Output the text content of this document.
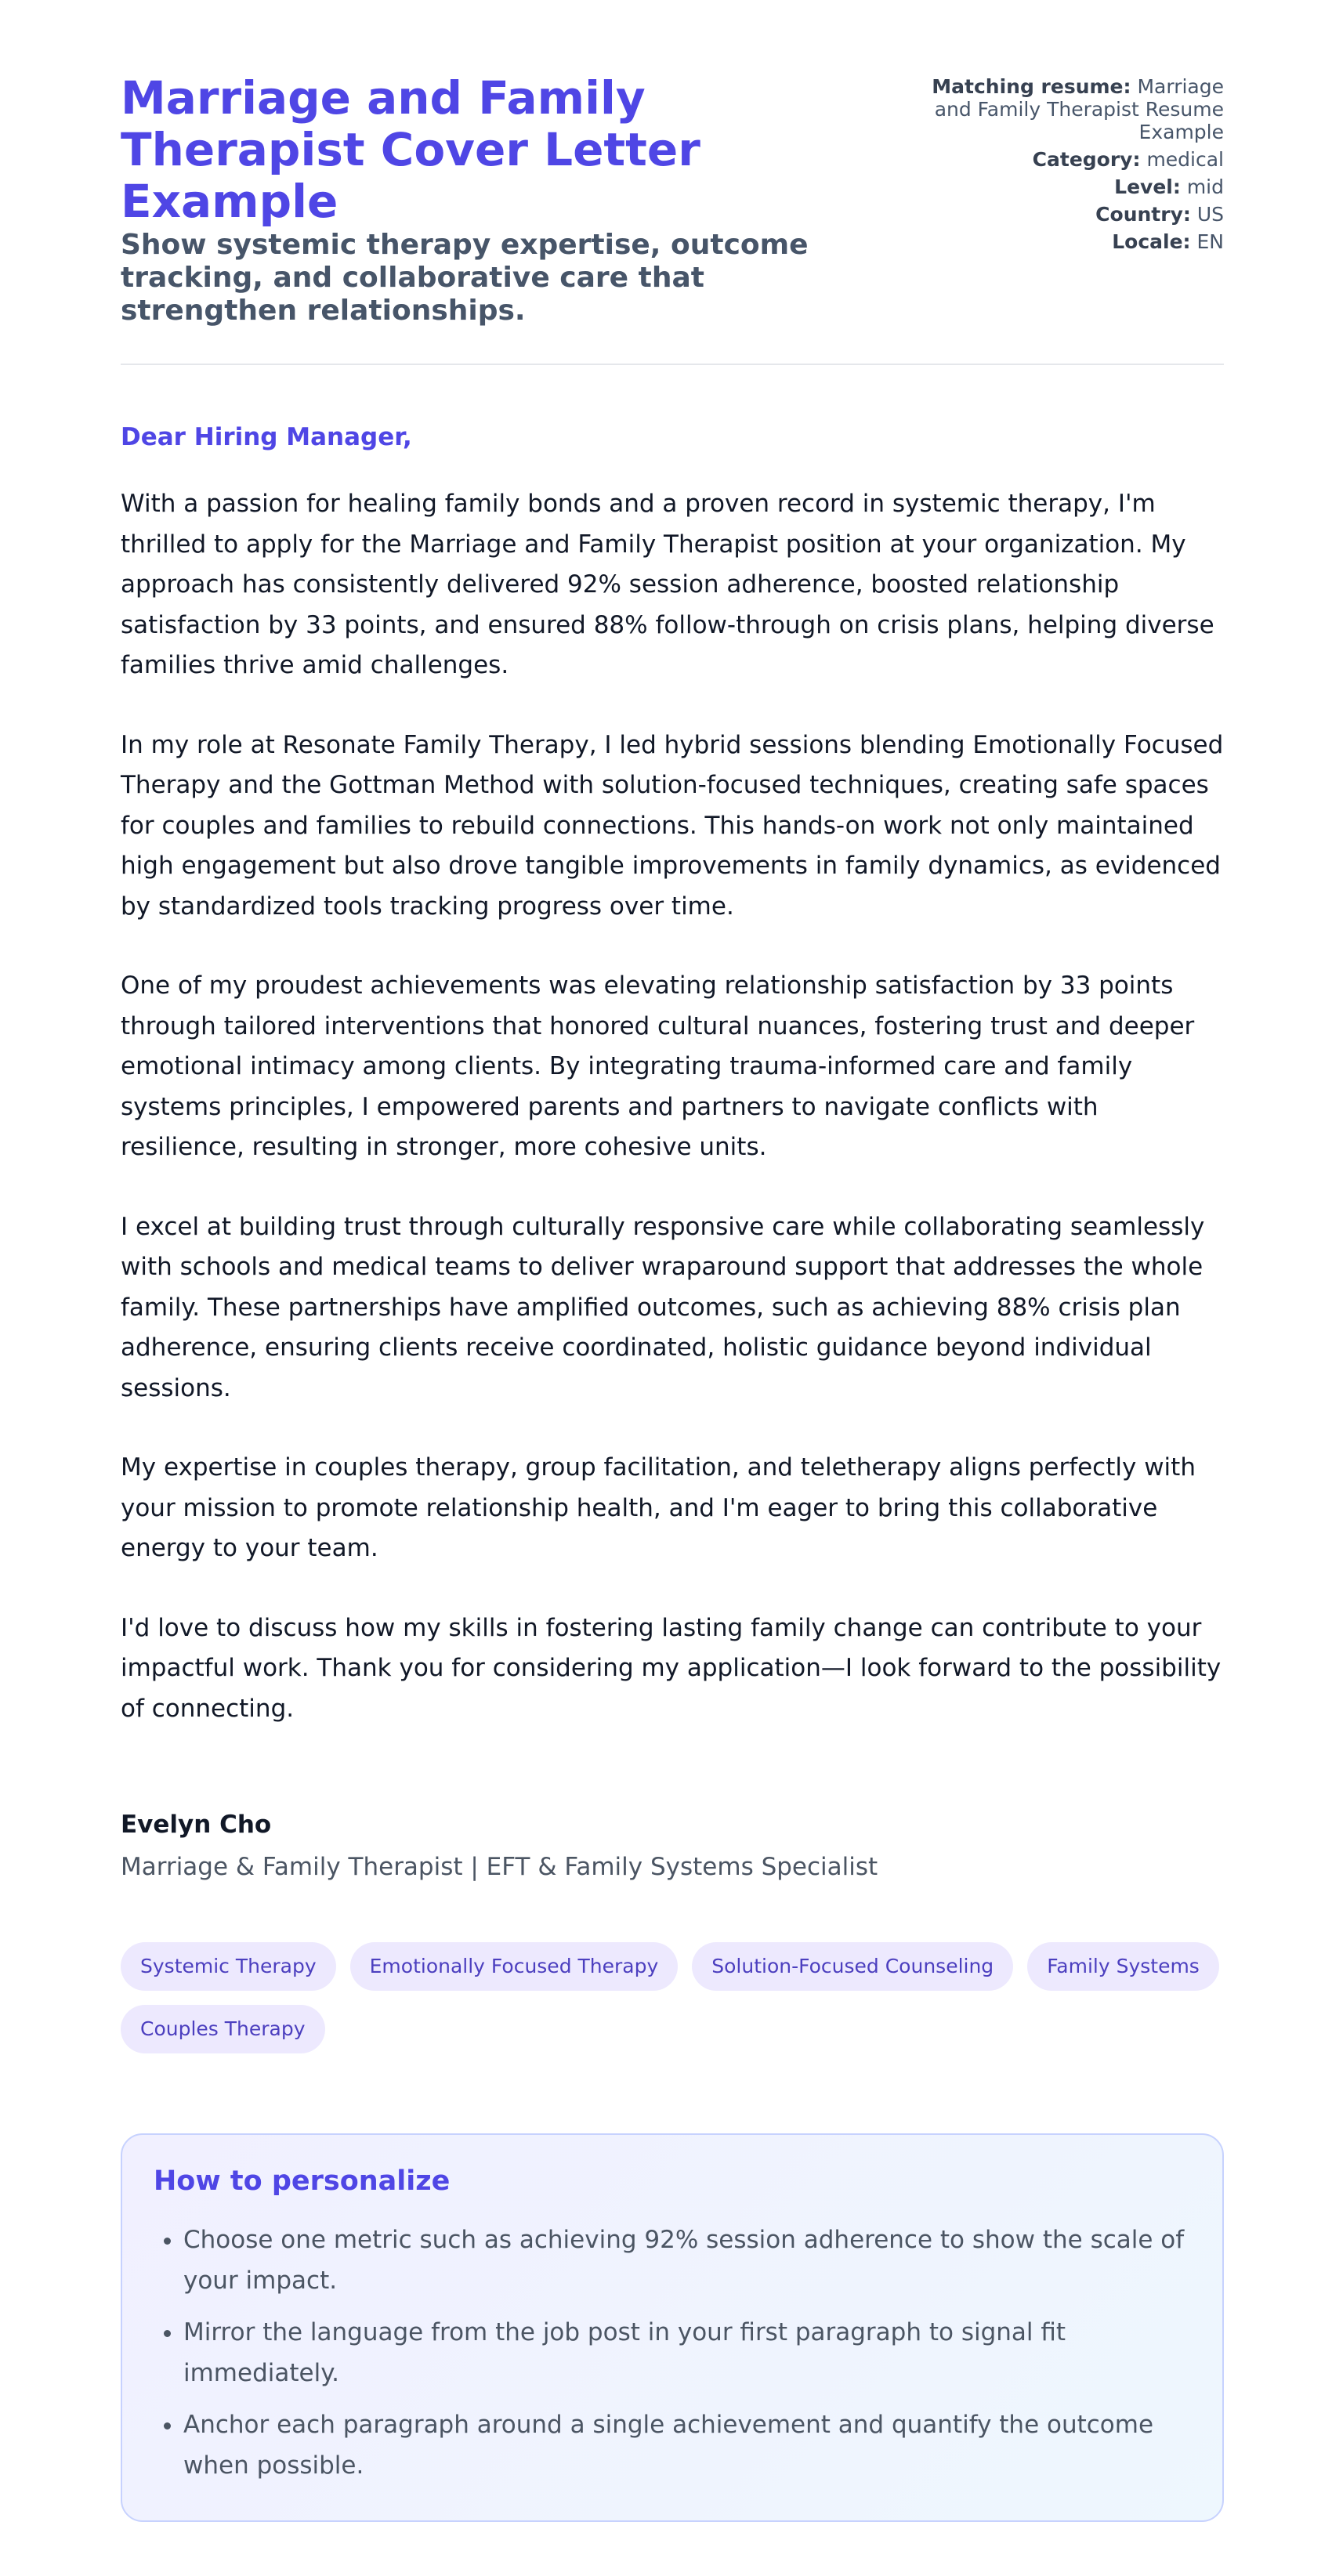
Marriage and Family Therapist Cover Letter Example
Show systemic therapy expertise, outcome tracking, and collaborative care that strengthen relationships.
Matching resume: Marriage and Family Therapist Resume Example
Category: medical
Level: mid
Country: US
Locale: EN
Dear Hiring Manager,

With a passion for healing family bonds and a proven record in systemic therapy, I'm thrilled to apply for the Marriage and Family Therapist position at your organization. My approach has consistently delivered 92% session adherence, boosted relationship satisfaction by 33 points, and ensured 88% follow-through on crisis plans, helping diverse families thrive amid challenges.

In my role at Resonate Family Therapy, I led hybrid sessions blending Emotionally Focused Therapy and the Gottman Method with solution-focused techniques, creating safe spaces for couples and families to rebuild connections. This hands-on work not only maintained high engagement but also drove tangible improvements in family dynamics, as evidenced by standardized tools tracking progress over time.

One of my proudest achievements was elevating relationship satisfaction by 33 points through tailored interventions that honored cultural nuances, fostering trust and deeper emotional intimacy among clients. By integrating trauma-informed care and family systems principles, I empowered parents and partners to navigate conflicts with resilience, resulting in stronger, more cohesive units.

I excel at building trust through culturally responsive care while collaborating seamlessly with schools and medical teams to deliver wraparound support that addresses the whole family. These partnerships have amplified outcomes, such as achieving 88% crisis plan adherence, ensuring clients receive coordinated, holistic guidance beyond individual sessions.

My expertise in couples therapy, group facilitation, and teletherapy aligns perfectly with your mission to promote relationship health, and I'm eager to bring this collaborative energy to your team.

I'd love to discuss how my skills in fostering lasting family change can contribute to your impactful work. Thank you for considering my application—I look forward to the possibility of connecting.

Evelyn Cho
Marriage & Family Therapist | EFT & Family Systems Specialist
Systemic Therapy	Emotionally Focused Therapy	Solution-Focused Counseling	Family Systems
Couples Therapy
How to personalize
• Choose one metric such as achieving 92% session adherence to show the scale of your impact.
• Mirror the language from the job post in your first paragraph to signal fit immediately.
• Anchor each paragraph around a single achievement and quantify the outcome when possible.
